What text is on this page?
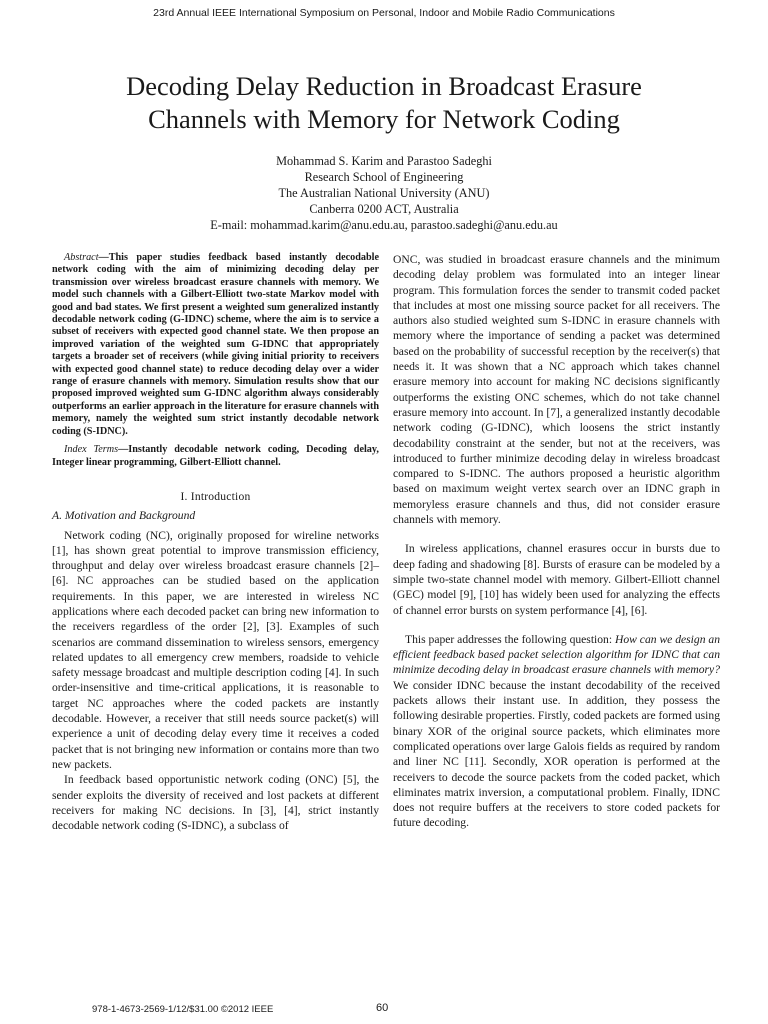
23rd Annual IEEE International Symposium on Personal, Indoor and Mobile Radio Communications
Decoding Delay Reduction in Broadcast Erasure
Channels with Memory for Network Coding
Mohammad S. Karim and Parastoo Sadeghi
Research School of Engineering
The Australian National University (ANU)
Canberra 0200 ACT, Australia
E-mail: mohammad.karim@anu.edu.au, parastoo.sadeghi@anu.edu.au

Abstract—This paper studies feedback based instantly decodable network coding with the aim of minimizing decoding delay per transmission over wireless broadcast erasure channels with memory. We model such channels with a Gilbert-Elliott two-state Markov model with good and bad states. We first present a weighted sum generalized instantly decodable network coding (G-IDNC) scheme, where the aim is to service a subset of receivers with expected good channel state. We then propose an improved variation of the weighted sum G-IDNC that appropriately targets a broader set of receivers (while giving initial priority to receivers with expected good channel state) to reduce decoding delay over a wider range of erasure channels with memory. Simulation results show that our proposed improved weighted sum G-IDNC algorithm always considerably outperforms an earlier approach in the literature for erasure channels with memory, namely the weighted sum strict instantly decodable network coding (S-IDNC).

Index Terms—Instantly decodable network coding, Decoding delay, Integer linear programming, Gilbert-Elliott channel.

I. Introduction
A. Motivation and Background

Network coding (NC), originally proposed for wireline networks [1], has shown great potential to improve transmission efficiency, throughput and delay over wireless broadcast erasure channels [2]–[6]. NC approaches can be studied based on the application requirements. In this paper, we are interested in wireless NC applications where each decoded packet can bring new information to the receivers regardless of the order [2], [3]. Examples of such scenarios are command dissemination to wireless sensors, emergency related updates to all emergency crew members, roadside to vehicle safety message broadcast and multiple description coding [4]. In such order-insensitive and time-critical applications, it is reasonable to target NC approaches where the coded packets are instantly decodable. However, a receiver that still needs source packet(s) will experience a unit of decoding delay every time it receives a coded packet that is not bringing new information or contains more than two new packets.

In feedback based opportunistic network coding (ONC) [5], the sender exploits the diversity of received and lost packets at different receivers for making NC decisions. In [3], [4], strict instantly decodable network coding (S-IDNC), a subclass of

ONC, was studied in broadcast erasure channels and the minimum decoding delay problem was formulated into an integer linear program. This formulation forces the sender to transmit coded packet that includes at most one missing source packet for all receivers. The authors also studied weighted sum S-IDNC in erasure channels with memory where the importance of sending a packet was determined based on the probability of successful reception by the receiver(s) that needs it. It was shown that a NC approach which takes channel erasure memory into account for making NC decisions significantly outperforms the existing ONC schemes, which do not take channel erasure memory into account. In [7], a generalized instantly decodable network coding (G-IDNC), which loosens the strict instantly decodability constraint at the sender, but not at the receivers, was introduced to further minimize decoding delay in wireless broadcast compared to S-IDNC. The authors proposed a heuristic algorithm based on maximum weight vertex search over an IDNC graph in memoryless erasure channels and thus, did not consider erasure channels with memory.

In wireless applications, channel erasures occur in bursts due to deep fading and shadowing [8]. Bursts of erasure can be modeled by a simple two-state channel model with memory. Gilbert-Elliott channel (GEC) model [9], [10] has widely been used for analyzing the effects of channel error bursts on system performance [4], [6].

This paper addresses the following question: How can we design an efficient feedback based packet selection algorithm for IDNC that can minimize decoding delay in broadcast erasure channels with memory? We consider IDNC because the instant decodability of the received packets allows their instant use. In addition, they possess the following desirable properties. Firstly, coded packets are formed using binary XOR of the original source packets, which eliminates more complicated operations over large Galois fields as required by random and liner NC [11]. Secondly, XOR operation is performed at the receivers to decode the source packets from the coded packet, which eliminates matrix inversion, a computational problem. Finally, IDNC does not require buffers at the receivers to store coded packets for future decoding.

978-1-4673-2569-1/12/$31.00 ©2012 IEEE	60
